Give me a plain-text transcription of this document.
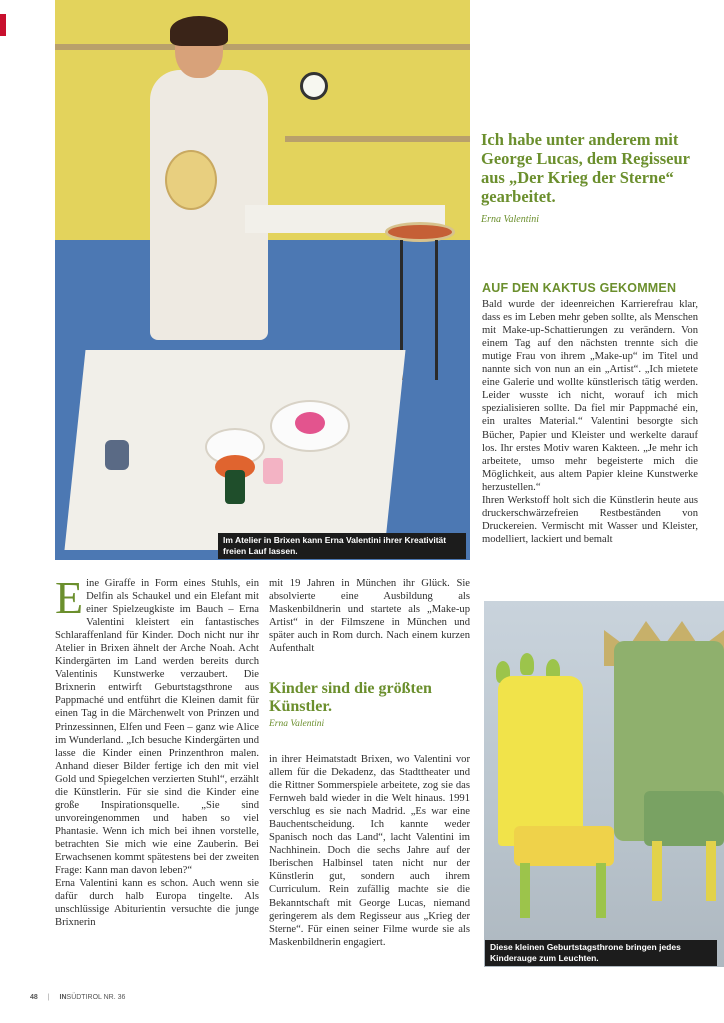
Im Atelier in Brixen kann Erna Valentini ihrer Kreativität freien Lauf lassen.
Ich habe unter anderem mit George Lucas, dem Regisseur aus „Der Krieg der Sterne“ gearbeitet.
Erna Valentini
AUF DEN KAKTUS GEKOMMEN

Bald wurde der ideenreichen Karrierefrau klar, dass es im Leben mehr geben sollte, als Menschen mit Make-up-Schattierungen zu verändern. Von einem Tag auf den nächsten trennte sich die mutige Frau von ihrem „Make-up“ im Titel und nannte sich von nun an ein „Artist“. „Ich mietete eine Galerie und wollte künstlerisch tätig werden. Leider wusste ich nicht, worauf ich mich spezialisieren sollte. Da fiel mir Pappmaché ein, ein uraltes Material.“ Valentini besorgte sich Bücher, Papier und Kleister und werkelte darauf los. Ihr erstes Motiv waren Kakteen. „Je mehr ich arbeitete, umso mehr begeisterte mich die Möglichkeit, aus altem Papier kleine Kunstwerke herzustellen.“

Ihren Werkstoff holt sich die Künstlerin heute aus druckerschwärzefreien Restbeständen von Druckereien. Vermischt mit Wasser und Kleister, modelliert, lackiert und bemalt

Eine Giraffe in Form eines Stuhls, ein Delfin als Schaukel und ein Elefant mit einer Spielzeugkiste im Bauch – Erna Valentini kleistert ein fantastisches Schlaraffenland für Kinder. Doch nicht nur ihr Atelier in Brixen ähnelt der Arche Noah. Acht Kindergärten im Land werden bereits durch Valentinis Kunstwerke verzaubert. Die Brixnerin entwirft Geburtstagsthrone aus Pappmaché und entführt die Kleinen damit für einen Tag in die Märchenwelt von Prinzen und Prinzessinnen, Elfen und Feen – ganz wie Alice im Wunderland. „Ich besuche Kindergärten und lasse die Kinder einen Prinzenthron malen. Anhand dieser Bilder fertige ich den mit viel Gold und Spiegelchen verzierten Stuhl“, erzählt die Künstlerin. Für sie sind die Kinder eine große Inspirationsquelle. „Sie sind unvoreingenommen und haben so viel Phantasie. Wenn ich mich bei ihnen vorstelle, betrachten Sie mich wie eine Zauberin. Bei Erwachsenen kommt spätestens bei der zweiten Frage: Kann man davon leben?“

Erna Valentini kann es schon. Auch wenn sie dafür durch halb Europa tingelte. Als unschlüssige Abiturientin versuchte die junge Brixnerin

mit 19 Jahren in München ihr Glück. Sie absolvierte eine Ausbildung als Maskenbildnerin und startete als „Make-up Artist“ in der Filmszene in München und später auch in Rom durch. Nach einem kurzen Aufenthalt

Kinder sind die größten Künstler.
Erna Valentini

in ihrer Heimatstadt Brixen, wo Valentini vor allem für die Dekadenz, das Stadttheater und die Rittner Sommerspiele arbeitete, zog sie das Fernweh bald wieder in die Welt hinaus. 1991 verschlug es sie nach Madrid. „Es war eine Bauchentscheidung. Ich kannte weder Spanisch noch das Land“, lacht Valentini im Nachhinein. Doch die sechs Jahre auf der Iberischen Halbinsel taten nicht nur der Künstlerin gut, sondern auch ihrem Curriculum. Rein zufällig machte sie die Bekanntschaft mit George Lucas, niemand geringerem als dem Regisseur aus „Krieg der Sterne“. Für einen seiner Filme wurde sie als Maskenbildnerin engagiert.	Diese kleinen Geburtstagsthrone bringen jedes Kinderauge zum Leuchten.
48 | INSÜDTIROL NR. 36
